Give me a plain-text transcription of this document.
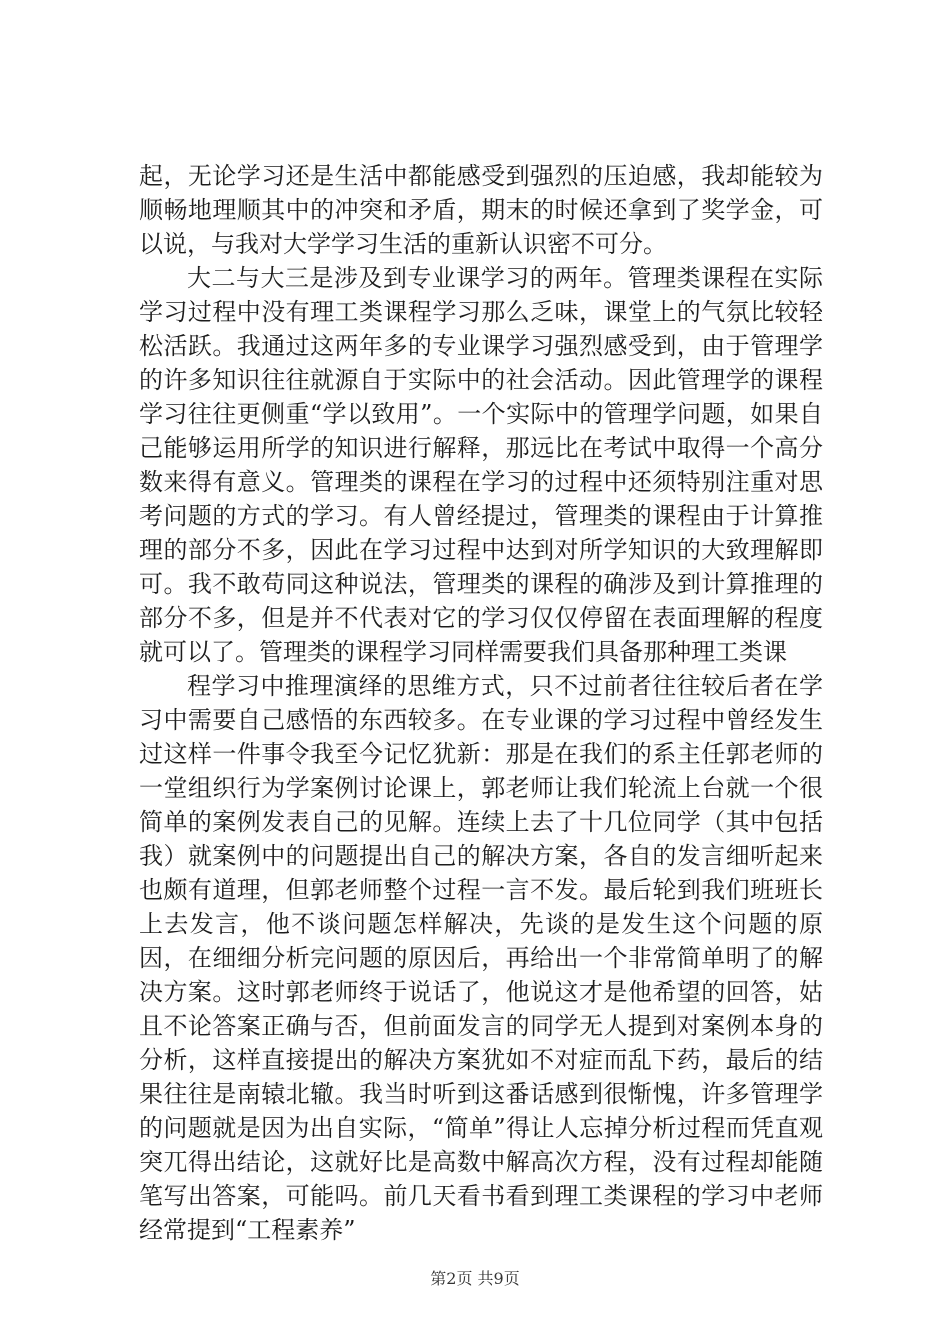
起，无论学习还是生活中都能感受到强烈的压迫感，我却能较为顺畅地理顺其中的冲突和矛盾，期末的时候还拿到了奖学金，可以说，与我对大学学习生活的重新认识密不可分。

大二与大三是涉及到专业课学习的两年。管理类课程在实际学习过程中没有理工类课程学习那么乏味，课堂上的气氛比较轻松活跃。我通过这两年多的专业课学习强烈感受到，由于管理学的许多知识往往就源自于实际中的社会活动。因此管理学的课程学习往往更侧重“学以致用”。一个实际中的管理学问题，如果自己能够运用所学的知识进行解释，那远比在考试中取得一个高分数来得有意义。管理类的课程在学习的过程中还须特别注重对思考问题的方式的学习。有人曾经提过，管理类的课程由于计算推理的部分不多，因此在学习过程中达到对所学知识的大致理解即可。我不敢苟同这种说法，管理类的课程的确涉及到计算推理的部分不多，但是并不代表对它的学习仅仅停留在表面理解的程度就可以了。管理类的课程学习同样需要我们具备那种理工类课

程学习中推理演绎的思维方式，只不过前者往往较后者在学习中需要自己感悟的东西较多。在专业课的学习过程中曾经发生过这样一件事令我至今记忆犹新：那是在我们的系主任郭老师的一堂组织行为学案例讨论课上，郭老师让我们轮流上台就一个很简单的案例发表自己的见解。连续上去了十几位同学（其中包括我）就案例中的问题提出自己的解决方案，各自的发言细听起来也颇有道理，但郭老师整个过程一言不发。最后轮到我们班班长上去发言，他不谈问题怎样解决，先谈的是发生这个问题的原因，在细细分析完问题的原因后，再给出一个非常简单明了的解决方案。这时郭老师终于说话了，他说这才是他希望的回答，姑且不论答案正确与否，但前面发言的同学无人提到对案例本身的分析，这样直接提出的解决方案犹如不对症而乱下药，最后的结果往往是南辕北辙。我当时听到这番话感到很惭愧，许多管理学的问题就是因为出自实际，“简单”得让人忘掉分析过程而凭直观突兀得出结论，这就好比是高数中解高次方程，没有过程却能随笔写出答案，可能吗。前几天看书看到理工类课程的学习中老师经常提到“工程素养”

第2页 共9页
